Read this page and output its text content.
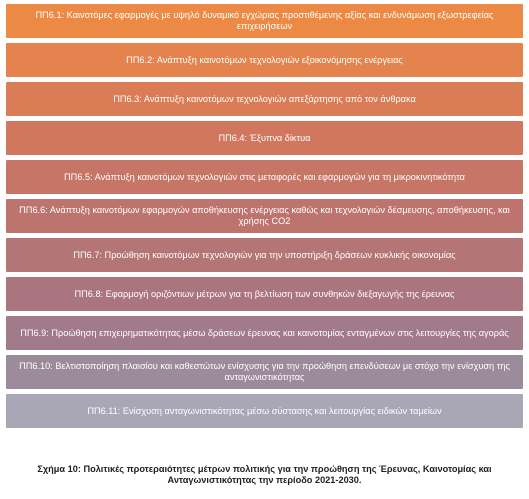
ΠΠ6.1: Καινοτόμες εφαρμογές με υψηλό δυναμικό εγχώριας προστιθέμενης αξίας και ενδυνάμωση εξωστρεφείας επιχειρήσεων
ΠΠ6.2: Ανάπτυξη καινοτόμων τεχνολογιών εξοικονόμησης ενέργειας
ΠΠ6.3: Ανάπτυξη καινοτόμων τεχνολογιών απεξάρτησης από τον άνθρακα
ΠΠ6.4: Έξυπνα δίκτυα
ΠΠ6.5: Ανάπτυξη καινοτόμων τεχνολογιών στις μεταφορές και εφαρμογών για τη μικροκινητικότητα
ΠΠ6.6: Ανάπτυξη καινοτόμων εφαρμογών αποθήκευσης ενέργειας καθώς και τεχνολογιών δέσμευσης, αποθήκευσης, και χρήσης CO2
ΠΠ6.7: Προώθηση καινοτόμων τεχνολογιών για την υποστήριξη δράσεων κυκλικής οικονομίας
ΠΠ6.8: Εφαρμογή οριζόντιων μέτρων για τη βελτίωση των συνθηκών διεξαγωγής της έρευνας
ΠΠ6.9: Προώθηση επιχειρηματικότητας μέσω δράσεων έρευνας και καινοτομίας ενταγμένων στις λειτουργίες της αγοράς
ΠΠ6.10: Βελτιστοποίηση πλαισίου και καθεστώτων ενίσχυσης για την προώθηση επενδύσεων με στόχο την ενίσχυση της ανταγωνιστικότητας
ΠΠ6.11: Ενίσχυση ανταγωνιστικότητας μέσω σύστασης και λειτουργίας ειδικών ταμείων
Σχήμα 10: Πολιτικές προτεραιότητες μέτρων πολιτικής για την προώθηση της Έρευνας, Καινοτομίας και Ανταγωνιστικότητας την περίοδο 2021-2030.
